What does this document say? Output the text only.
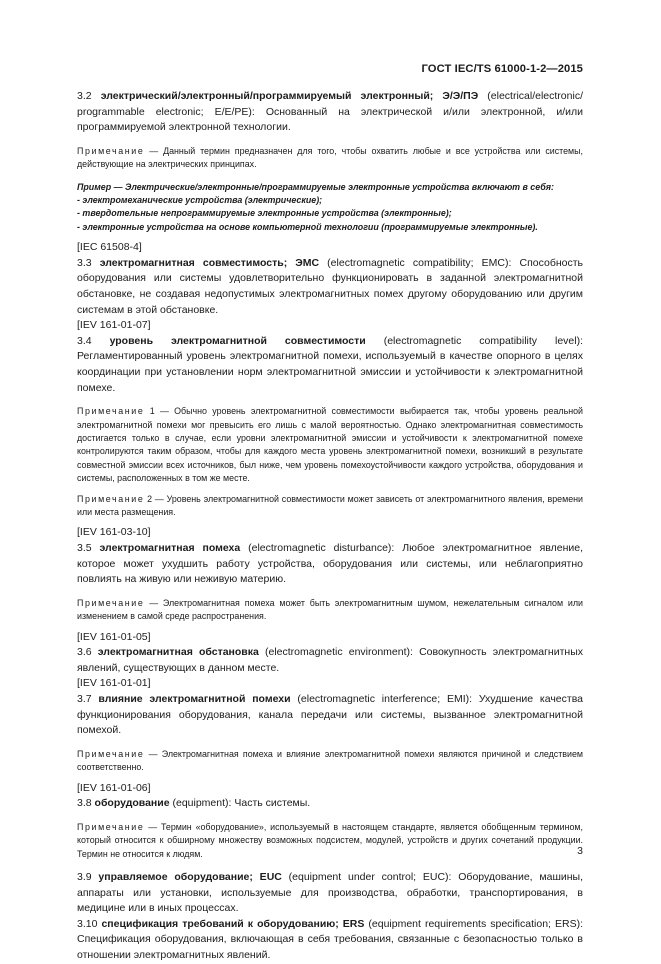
ГОСТ IEC/TS 61000-1-2—2015

3.2 электрический/электронный/программируемый электронный; Э/Э/ПЭ (electrical/electronic/ programmable electronic; E/E/PE): Основанный на электрической и/или электронной, и/или программируемой электронной технологии.

Примечание — Данный термин предназначен для того, чтобы охватить любые и все устройства или системы, действующие на электрических принципах.

Пример — Электрические/электронные/программируемые электронные устройства включают в себя:

- электромеханические устройства (электрические);

- твердотельные непрограммируемые электронные устройства (электронные);

- электронные устройства на основе компьютерной технологии (программируемые электронные).

[IEC 61508-4]

3.3 электромагнитная совместимость; ЭМС (electromagnetic compatibility; EMC): Способность оборудования или системы удовлетворительно функционировать в заданной электромагнитной обстановке, не создавая недопустимых электромагнитных помех другому оборудованию или другим системам в этой обстановке.

[IEV 161-01-07]

3.4 уровень электромагнитной совместимости (electromagnetic compatibility level): Регламентированный уровень электромагнитной помехи, используемый в качестве опорного в целях координации при установлении норм электромагнитной эмиссии и устойчивости к электромагнитной помехе.

Примечание 1 — Обычно уровень электромагнитной совместимости выбирается так, чтобы уровень реальной электромагнитной помехи мог превысить его лишь с малой вероятностью. Однако электромагнитная совместимость достигается только в случае, если уровни электромагнитной эмиссии и устойчивости к электромагнитной помехе контролируются таким образом, чтобы для каждого места уровень электромагнитной помехи, возникший в результате совместной эмиссии всех источников, был ниже, чем уровень помехоустойчивости каждого устройства, оборудования и системы, расположенных в том же месте.

Примечание 2 — Уровень электромагнитной совместимости может зависеть от электромагнитного явления, времени или места размещения.

[IEV 161-03-10]

3.5 электромагнитная помеха (electromagnetic disturbance): Любое электромагнитное явление, которое может ухудшить работу устройства, оборудования или системы, или неблагоприятно повлиять на живую или неживую материю.

Примечание — Электромагнитная помеха может быть электромагнитным шумом, нежелательным сигналом или изменением в самой среде распространения.

[IEV 161-01-05]

3.6 электромагнитная обстановка (electromagnetic environment): Совокупность электромагнитных явлений, существующих в данном месте.

[IEV 161-01-01]

3.7 влияние электромагнитной помехи (electromagnetic interference; EMI): Ухудшение качества функционирования оборудования, канала передачи или системы, вызванное электромагнитной помехой.

Примечание — Электромагнитная помеха и влияние электромагнитной помехи являются причиной и следствием соответственно.

[IEV 161-01-06]

3.8 оборудование (equipment): Часть системы.

Примечание — Термин «оборудование», используемый в настоящем стандарте, является обобщенным термином, который относится к обширному множеству возможных подсистем, модулей, устройств и других сочетаний продукции. Термин не относится к людям.

3.9 управляемое оборудование; EUC (equipment under control; EUC): Оборудование, машины, аппараты или установки, используемые для производства, обработки, транспортирования, в медицине или в иных процессах.

3.10 спецификация требований к оборудованию; ERS (equipment requirements specification; ERS): Спецификация оборудования, включающая в себя требования, связанные с безопасностью только в отношении электромагнитных явлений.

3
